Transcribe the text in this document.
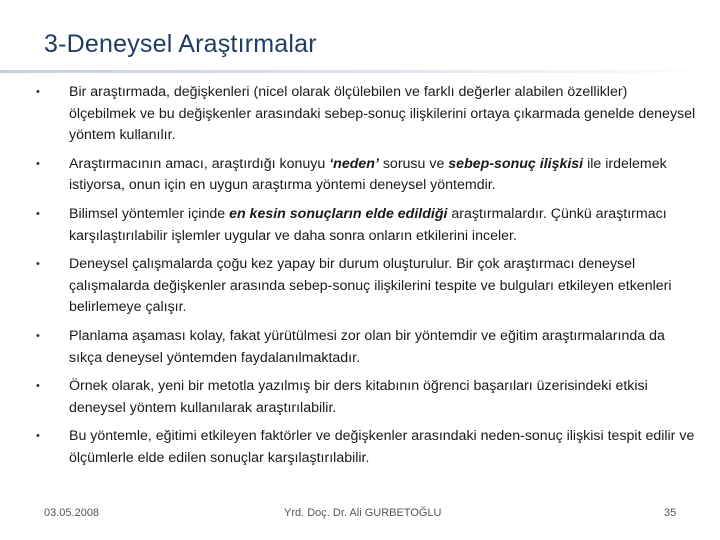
3-Deneysel Araştırmalar
•	Bir araştırmada, değişkenleri (nicel olarak ölçülebilen ve farklı değerler alabilen özellikler) ölçebilmek ve bu değişkenler arasındaki sebep-sonuç ilişkilerini ortaya çıkarmada genelde deneysel yöntem kullanılır.
•	Araştırmacının amacı, araştırdığı konuyu ‘neden’ sorusu ve sebep-sonuç ilişkisi ile irdelemek istiyorsa, onun için en uygun araştırma yöntemi deneysel yöntemdir.
•	Bilimsel yöntemler içinde en kesin sonuçların elde edildiği araştırmalardır. Çünkü araştırmacı karşılaştırılabilir işlemler uygular ve daha sonra onların etkilerini inceler.
•	Deneysel çalışmalarda çoğu kez yapay bir durum oluşturulur. Bir çok araştırmacı deneysel çalışmalarda değişkenler arasında sebep-sonuç ilişkilerini tespite ve bulguları etkileyen etkenleri belirlemeye çalışır.
•	Planlama aşaması kolay, fakat yürütülmesi zor olan bir yöntemdir ve eğitim araştırmalarında da sıkça deneysel yöntemden faydalanılmaktadır.
•	Örnek olarak, yeni bir metotla yazılmış bir ders kitabının öğrenci başarıları üzerisindeki etkisi deneysel yöntem kullanılarak araştırılabilir.
•	Bu yöntemle, eğitimi etkileyen faktörler ve değişkenler arasındaki neden-sonuç ilişkisi tespit edilir ve ölçümlerle elde edilen sonuçlar karşılaştırılabilir.
03.05.2008	Yrd. Doç. Dr. Ali GURBETOĞLU	35
